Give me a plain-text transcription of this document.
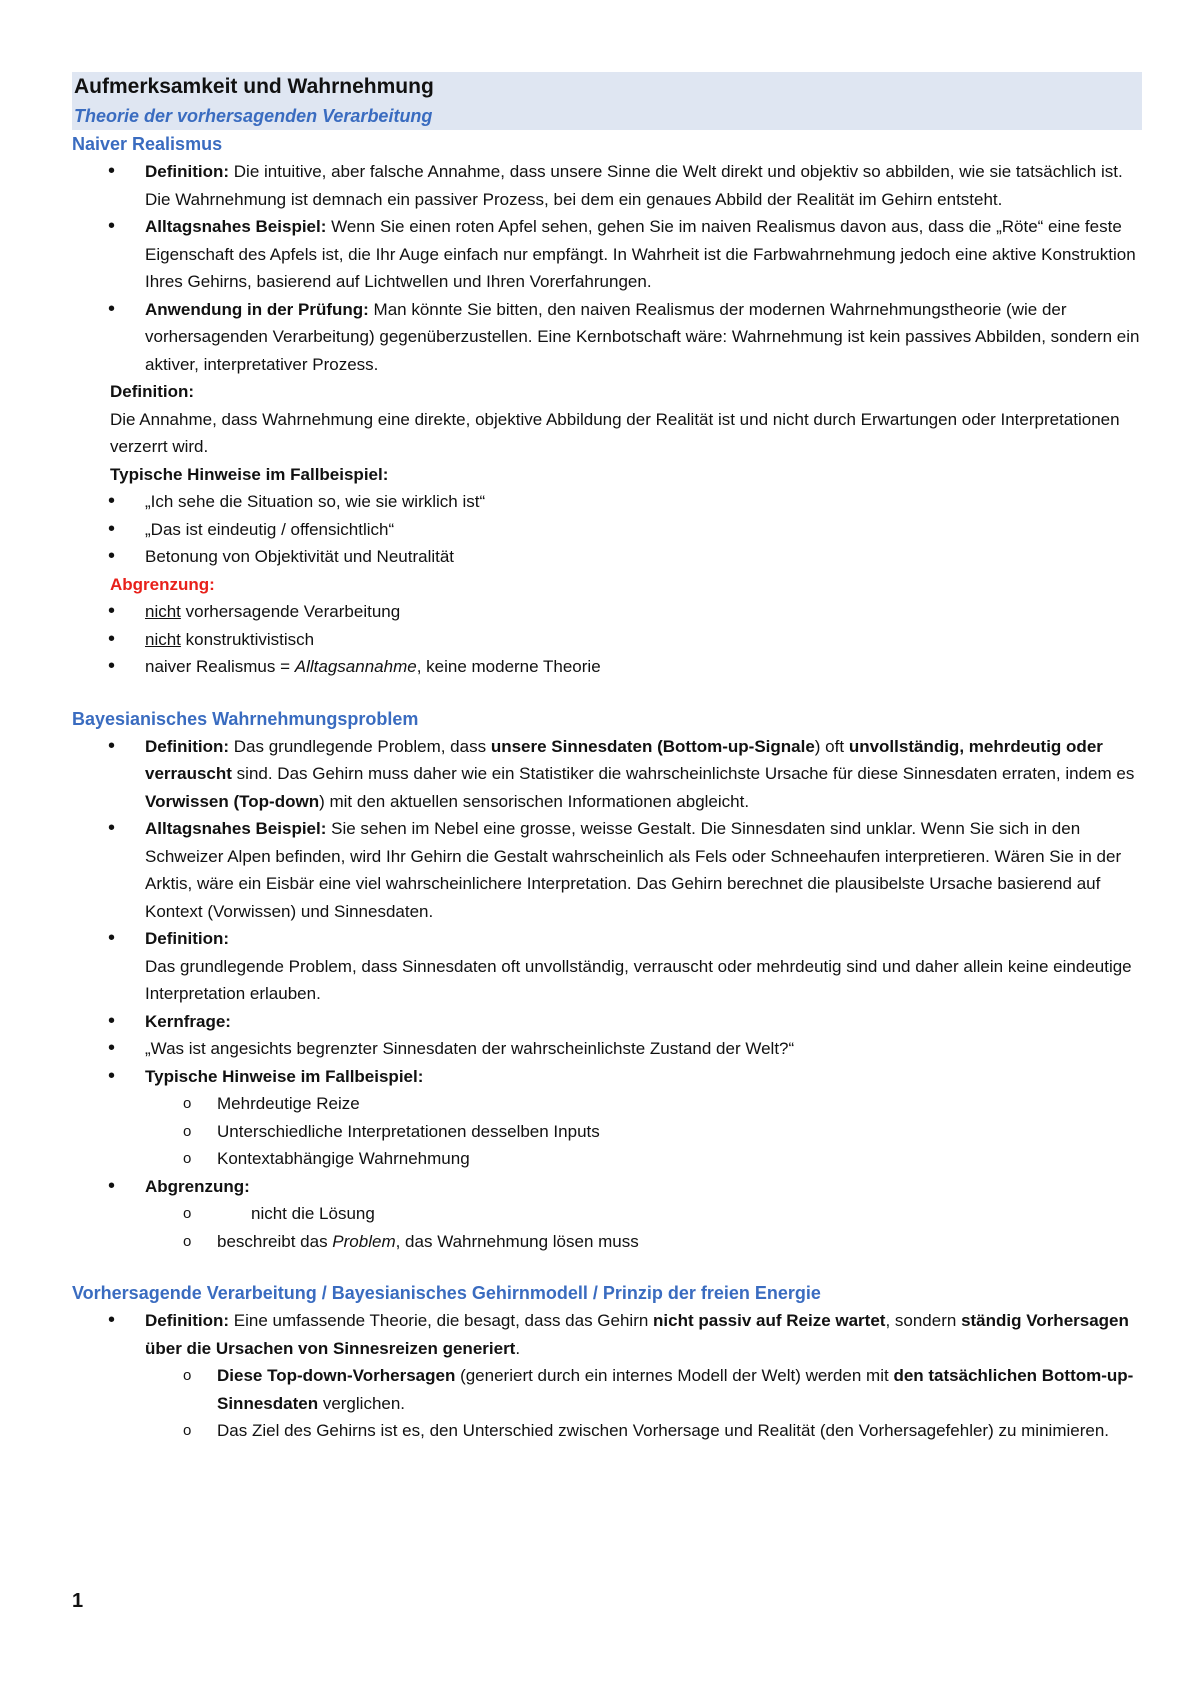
Aufmerksamkeit und Wahrnehmung
Theorie der vorhersagenden Verarbeitung
Naiver Realismus
• Definition: Die intuitive, aber falsche Annahme, dass unsere Sinne die Welt direkt und objektiv so abbilden, wie sie tatsächlich ist. Die Wahrnehmung ist demnach ein passiver Prozess, bei dem ein genaues Abbild der Realität im Gehirn entsteht.
• Alltagsnahes Beispiel: Wenn Sie einen roten Apfel sehen, gehen Sie im naiven Realismus davon aus, dass die „Röte“ eine feste Eigenschaft des Apfels ist, die Ihr Auge einfach nur empfängt. In Wahrheit ist die Farbwahrnehmung jedoch eine aktive Konstruktion Ihres Gehirns, basierend auf Lichtwellen und Ihren Vorerfahrungen.
• Anwendung in der Prüfung: Man könnte Sie bitten, den naiven Realismus der modernen Wahrnehmungstheorie (wie der vorhersagenden Verarbeitung) gegenüberzustellen. Eine Kernbotschaft wäre: Wahrnehmung ist kein passives Abbilden, sondern ein aktiver, interpretativer Prozess.
Definition:
Die Annahme, dass Wahrnehmung eine direkte, objektive Abbildung der Realität ist und nicht durch Erwartungen oder Interpretationen verzerrt wird.
Typische Hinweise im Fallbeispiel:
• „Ich sehe die Situation so, wie sie wirklich ist“
• „Das ist eindeutig / offensichtlich“
• Betonung von Objektivität und Neutralität
Abgrenzung:
• nicht vorhersagende Verarbeitung
• nicht konstruktivistisch
• naiver Realismus = Alltagsannahme, keine moderne Theorie
Bayesianisches Wahrnehmungsproblem
• Definition: Das grundlegende Problem, dass unsere Sinnesdaten (Bottom-up-Signale) oft unvollständig, mehrdeutig oder verrauscht sind. Das Gehirn muss daher wie ein Statistiker die wahrscheinlichste Ursache für diese Sinnesdaten erraten, indem es Vorwissen (Top-down) mit den aktuellen sensorischen Informationen abgleicht.
• Alltagsnahes Beispiel: Sie sehen im Nebel eine grosse, weisse Gestalt. Die Sinnesdaten sind unklar. Wenn Sie sich in den Schweizer Alpen befinden, wird Ihr Gehirn die Gestalt wahrscheinlich als Fels oder Schneehaufen interpretieren. Wären Sie in der Arktis, wäre ein Eisbär eine viel wahrscheinlichere Interpretation. Das Gehirn berechnet die plausibelste Ursache basierend auf Kontext (Vorwissen) und Sinnesdaten.
• Definition:
Das grundlegende Problem, dass Sinnesdaten oft unvollständig, verrauscht oder mehrdeutig sind und daher allein keine eindeutige Interpretation erlauben.
• Kernfrage:
• „Was ist angesichts begrenzter Sinnesdaten der wahrscheinlichste Zustand der Welt?“
• Typische Hinweise im Fallbeispiel:
o Mehrdeutige Reize
o Unterschiedliche Interpretationen desselben Inputs
o Kontextabhängige Wahrnehmung
• Abgrenzung:
o nicht die Lösung
o beschreibt das Problem, das Wahrnehmung lösen muss
Vorhersagende Verarbeitung / Bayesianisches Gehirnmodell / Prinzip der freien Energie
• Definition: Eine umfassende Theorie, die besagt, dass das Gehirn nicht passiv auf Reize wartet, sondern ständig Vorhersagen über die Ursachen von Sinnesreizen generiert.
o Diese Top-down-Vorhersagen (generiert durch ein internes Modell der Welt) werden mit den tatsächlichen Bottom-up-Sinnesdaten verglichen.
o Das Ziel des Gehirns ist es, den Unterschied zwischen Vorhersage und Realität (den Vorhersagefehler) zu minimieren.
1
